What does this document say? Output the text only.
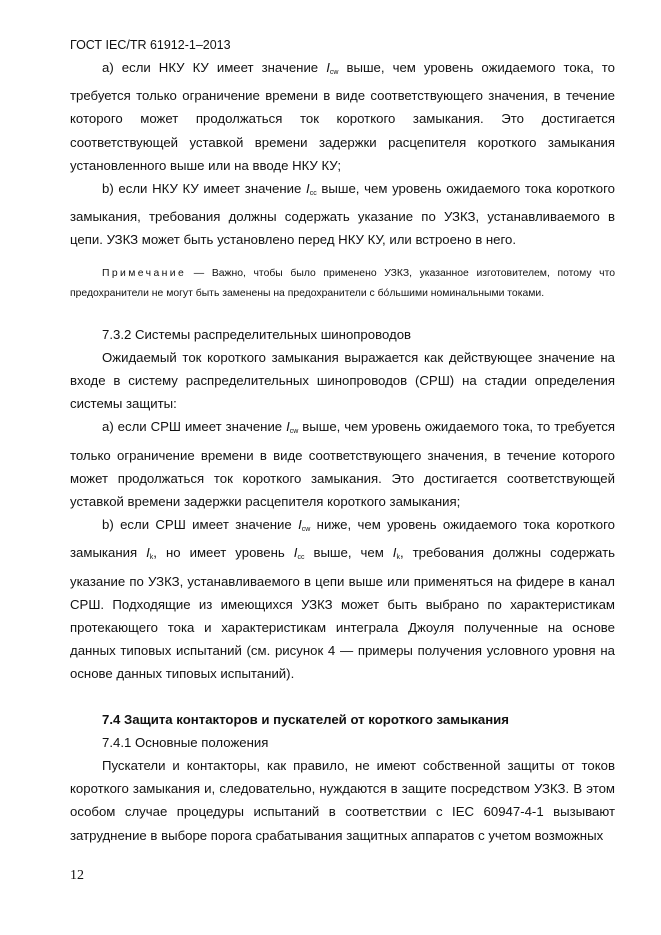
ГОСТ IEC/TR 61912-1–2013

а) если НКУ КУ имеет значение $I_{cw}$ выше, чем уровень ожидаемого тока, то требуется только ограничение времени в виде соответствующего значения, в течение которого может продолжаться ток короткого замыкания. Это достигается соответствующей уставкой времени задержки расцепителя короткого замыкания установленного выше или на вводе НКУ КУ;

b) если НКУ КУ имеет значение $I_{cc}$ выше, чем уровень ожидаемого тока короткого замыкания, требования должны содержать указание по УЗКЗ, устанавливаемого в цепи. УЗКЗ может быть установлено перед НКУ КУ, или встроено в него.

Примечание — Важно, чтобы было применено УЗКЗ, указанное изготовителем, потому что предохранители не могут быть заменены на предохранители с бо́льшими номинальными токами.

7.3.2 Системы распределительных шинопроводов

Ожидаемый ток короткого замыкания выражается как действующее значение на входе в систему распределительных шинопроводов (СРШ) на стадии определения системы защиты:

а) если СРШ имеет значение $I_{cw}$ выше, чем уровень ожидаемого тока, то требуется только ограничение времени в виде соответствующего значения, в течение которого может продолжаться ток короткого замыкания. Это достигается соответствующей уставкой времени задержки расцепителя короткого замыкания;

b) если СРШ имеет значение $I_{cw}$ ниже, чем уровень ожидаемого тока короткого замыкания $I_k$, но имеет уровень $I_{cc}$ выше, чем $I_k$, требования должны содержать указание по УЗКЗ, устанавливаемого в цепи выше или применяться на фидере в канал СРШ. Подходящие из имеющихся УЗКЗ может быть выбрано по характеристикам протекающего тока и характеристикам интеграла Джоуля полученные на основе данных типовых испытаний (см. рисунок 4 — примеры получения условного уровня на основе данных типовых испытаний).

7.4 Защита контакторов и пускателей от короткого замыкания

7.4.1 Основные положения

Пускатели и контакторы, как правило, не имеют собственной защиты от токов короткого замыкания и, следовательно, нуждаются в защите посредством УЗКЗ. В этом особом случае процедуры испытаний в соответствии с IEC 60947-4-1 вызывают затруднение в выборе порога срабатывания защитных аппаратов с учетом возможных

12
